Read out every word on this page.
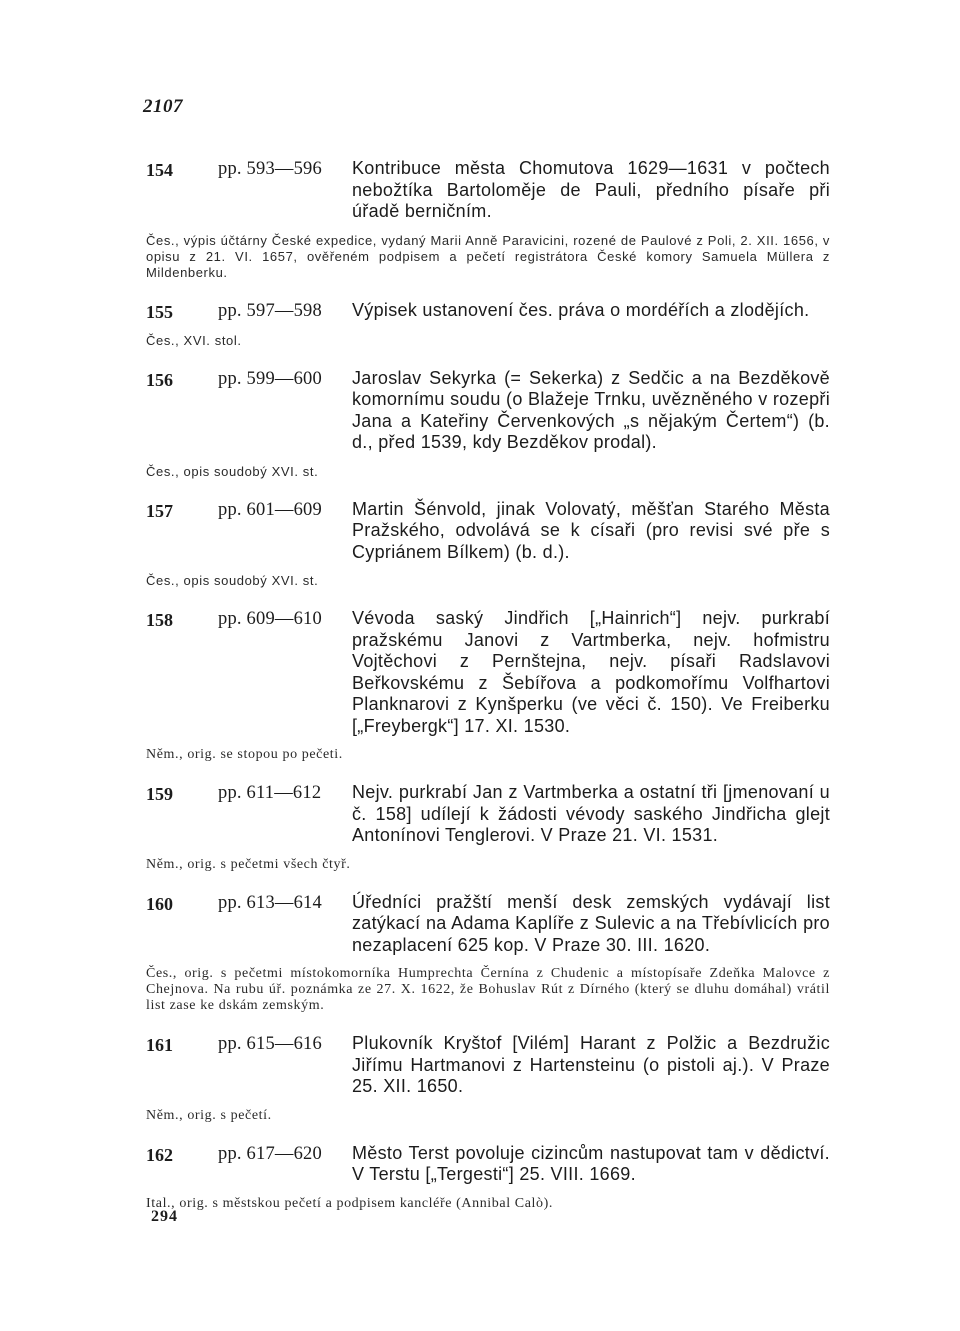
2107
154	pp. 593—596	Kontribuce města Chomutova 1629—1631 v počtech nebožtíka Bartoloměje de Pauli, předního písaře při úřadě berničním.
Čes., výpis účtárny České expedice, vydaný Marii Anně Paravicini, rozené de Paulové z Poli, 2. XII. 1656, v opisu z 21. VI. 1657, ověřeném podpisem a pečetí registrátora České komory Samuela Müllera z Mildenberku.
155	pp. 597—598	Výpisek ustanovení čes. práva o mordéřích a zlodějích.
Čes., XVI. stol.
156	pp. 599—600	Jaroslav Sekyrka (= Sekerka) z Sedčic a na Bezděkově komornímu soudu (o Blažeje Trnku, uvězněného v rozepři Jana a Kateřiny Červenkových „s nějakým Čertem“) (b. d., před 1539, kdy Bezděkov prodal).
Čes., opis soudobý XVI. st.
157	pp. 601—609	Martin Šénvold, jinak Volovatý, měšťan Starého Města Pražského, odvolává se k císaři (pro revisi své pře s Cypriánem Bílkem) (b. d.).
Čes., opis soudobý XVI. st.
158	pp. 609—610	Vévoda saský Jindřich [„Hainrich“] nejv. purkrabí pražskému Janovi z Vartmberka, nejv. hofmistru Vojtěchovi z Pernštejna, nejv. písaři Radslavovi Beřkovskému z Šebířova a podkomořímu Volfhartovi Planknarovi z Kynšperku (ve věci č. 150). Ve Freiberku [„Freybergk“] 17. XI. 1530.
Něm., orig. se stopou po pečeti.
159	pp. 611—612	Nejv. purkrabí Jan z Vartmberka a ostatní tři [jmenovaní u č. 158] udílejí k žádosti vévody saského Jindřicha glejt Antonínovi Tenglerovi. V Praze 21. VI. 1531.
Něm., orig. s pečetmi všech čtyř.
160	pp. 613—614	Úředníci pražští menší desk zemských vydávají list zatýkací na Adama Kaplíře z Sulevic a na Třebívlicích pro nezaplacení 625 kop. V Praze 30. III. 1620.
Čes., orig. s pečetmi místokomorníka Humprechta Černína z Chudenic a místopísaře Zdeňka Malovce z Chejnova. Na rubu úř. poznámka ze 27. X. 1622, že Bohuslav Rút z Dírného (který se dluhu domáhal) vrátil list zase ke dskám zemským.
161	pp. 615—616	Plukovník Kryštof [Vilém] Harant z Polžic a Bezdružic Jiřímu Hartmanovi z Hartensteinu (o pistoli aj.). V Praze 25. XII. 1650.
Něm., orig. s pečetí.
162	pp. 617—620	Město Terst povoluje cizincům nastupovat tam v dědictví. V Terstu [„Tergesti“] 25. VIII. 1669.
Ital., orig. s městskou pečetí a podpisem kancléře (Annibal Calò).
294
